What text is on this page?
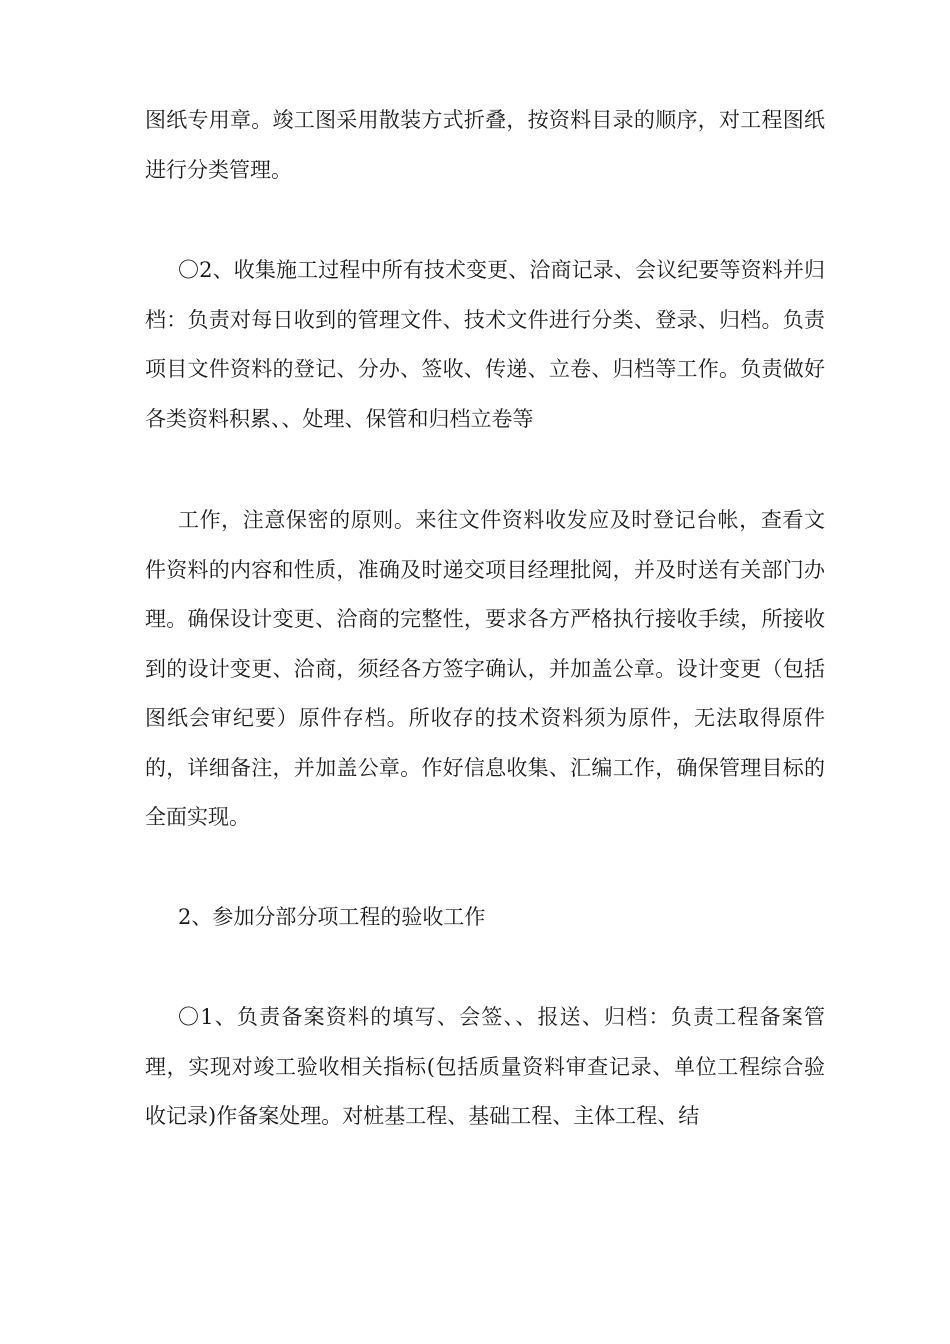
图纸专用章。竣工图采用散装方式折叠，按资料目录的顺序，对工程图纸进行分类管理。

〇2、收集施工过程中所有技术变更、洽商记录、会议纪要等资料并归档：负责对每日收到的管理文件、技术文件进行分类、登录、归档。负责项目文件资料的登记、分办、签收、传递、立卷、归档等工作。负责做好各类资料积累、、处理、保管和归档立卷等

工作，注意保密的原则。来往文件资料收发应及时登记台帐，查看文件资料的内容和性质，准确及时递交项目经理批阅，并及时送有关部门办理。确保设计变更、洽商的完整性，要求各方严格执行接收手续，所接收到的设计变更、洽商，须经各方签字确认，并加盖公章。设计变更（包括图纸会审纪要）原件存档。所收存的技术资料须为原件，无法取得原件的，详细备注，并加盖公章。作好信息收集、汇编工作，确保管理目标的全面实现。

2、参加分部分项工程的验收工作

〇1、负责备案资料的填写、会签、、报送、归档：负责工程备案管理，实现对竣工验收相关指标(包括质量资料审查记录、单位工程综合验收记录)作备案处理。对桩基工程、基础工程、主体工程、结
